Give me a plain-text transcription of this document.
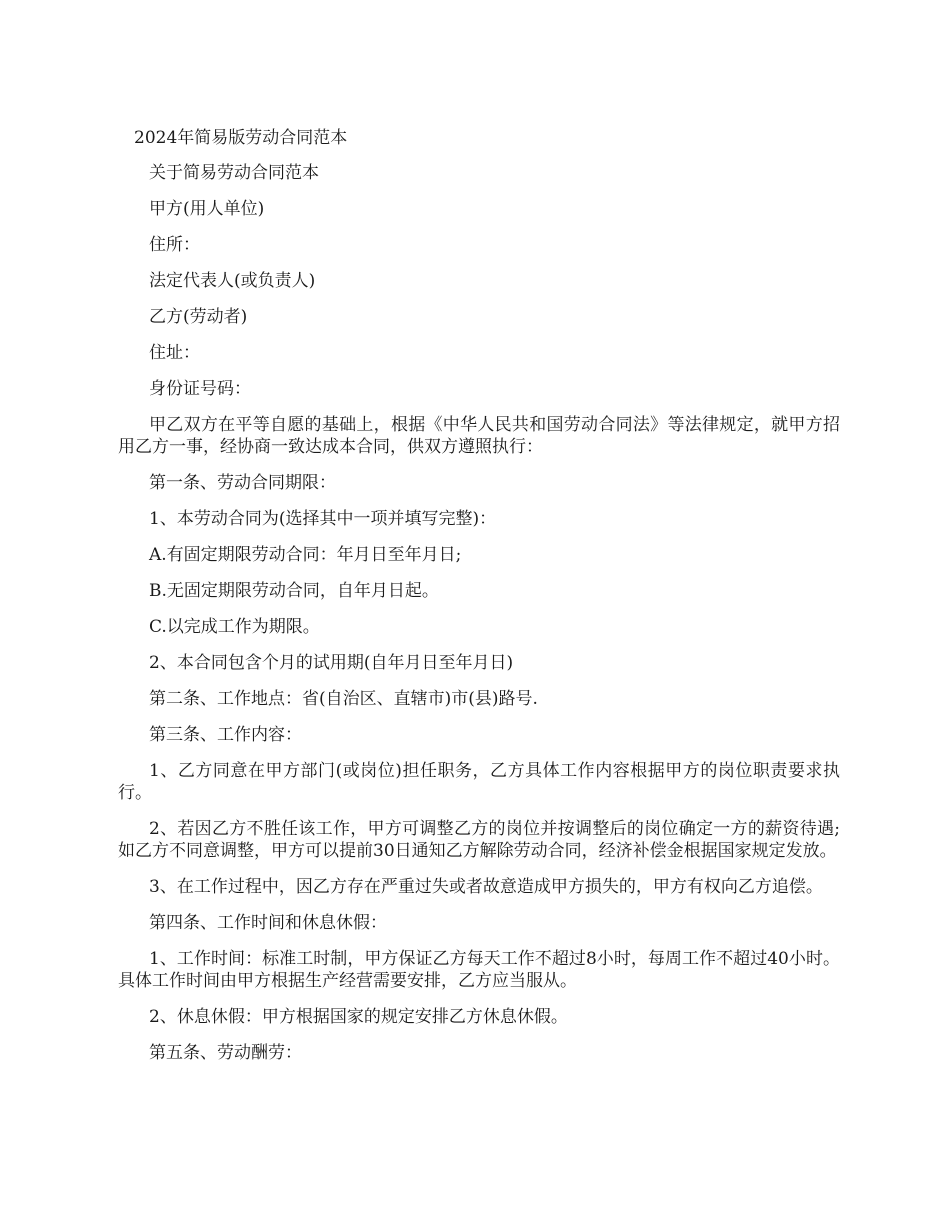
2024年简易版劳动合同范本

关于简易劳动合同范本

甲方(用人单位)

住所：

法定代表人(或负责人)

乙方(劳动者)

住址：

身份证号码：

甲乙双方在平等自愿的基础上，根据《中华人民共和国劳动合同法》等法律规定，就甲方招用乙方一事，经协商一致达成本合同，供双方遵照执行：

第一条、劳动合同期限：

1、本劳动合同为(选择其中一项并填写完整)：

A.有固定期限劳动合同：年月日至年月日;

B.无固定期限劳动合同，自年月日起。

C.以完成工作为期限。

2、本合同包含个月的试用期(自年月日至年月日)

第二条、工作地点：省(自治区、直辖市)市(县)路号.

第三条、工作内容：

1、乙方同意在甲方部门(或岗位)担任职务，乙方具体工作内容根据甲方的岗位职责要求执行。

2、若因乙方不胜任该工作，甲方可调整乙方的岗位并按调整后的岗位确定一方的薪资待遇;如乙方不同意调整，甲方可以提前30日通知乙方解除劳动合同，经济补偿金根据国家规定发放。

3、在工作过程中，因乙方存在严重过失或者故意造成甲方损失的，甲方有权向乙方追偿。

第四条、工作时间和休息休假：

1、工作时间：标准工时制，甲方保证乙方每天工作不超过8小时，每周工作不超过40小时。具体工作时间由甲方根据生产经营需要安排，乙方应当服从。

2、休息休假：甲方根据国家的规定安排乙方休息休假。

第五条、劳动酬劳：
